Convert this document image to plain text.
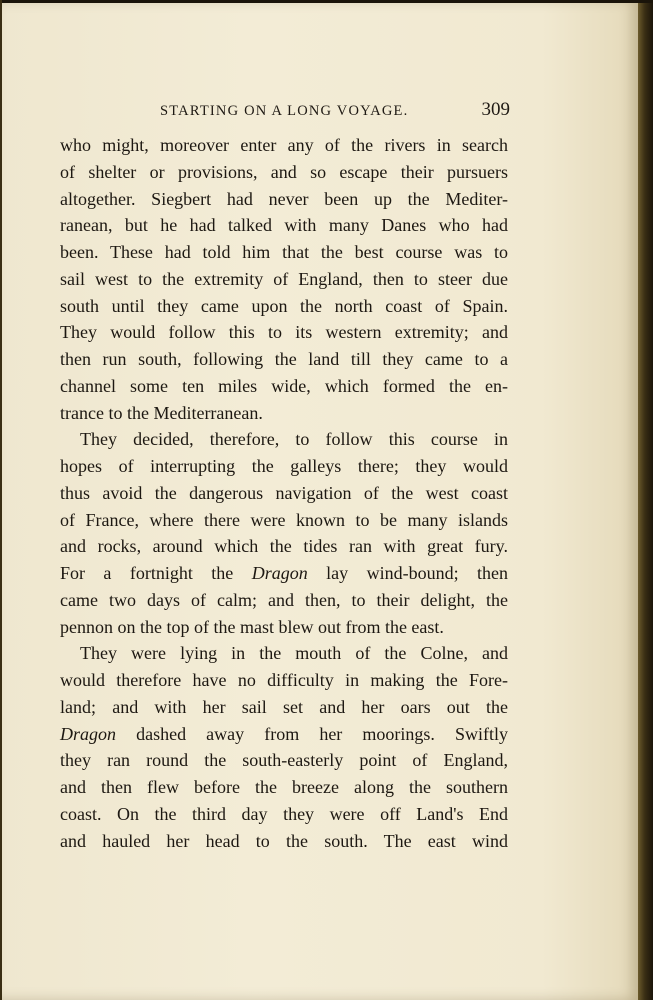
STARTING ON A LONG VOYAGE.	309
who might, moreover enter any of the rivers in search
of shelter or provisions, and so escape their pursuers
altogether. Siegbert had never been up the Mediter-
ranean, but he had talked with many Danes who had
been. These had told him that the best course was to
sail west to the extremity of England, then to steer due
south until they came upon the north coast of Spain.
They would follow this to its western extremity; and
then run south, following the land till they came to a
channel some ten miles wide, which formed the en-
trance to the Mediterranean.
They decided, therefore, to follow this course in
hopes of interrupting the galleys there; they would
thus avoid the dangerous navigation of the west coast
of France, where there were known to be many islands
and rocks, around which the tides ran with great fury.
For a fortnight the Dragon lay wind-bound; then
came two days of calm; and then, to their delight, the
pennon on the top of the mast blew out from the east.
They were lying in the mouth of the Colne, and
would therefore have no difficulty in making the Fore-
land; and with her sail set and her oars out the
Dragon dashed away from her moorings. Swiftly
they ran round the south-easterly point of England,
and then flew before the breeze along the southern
coast. On the third day they were off Land's End
and hauled her head to the south. The east wind
